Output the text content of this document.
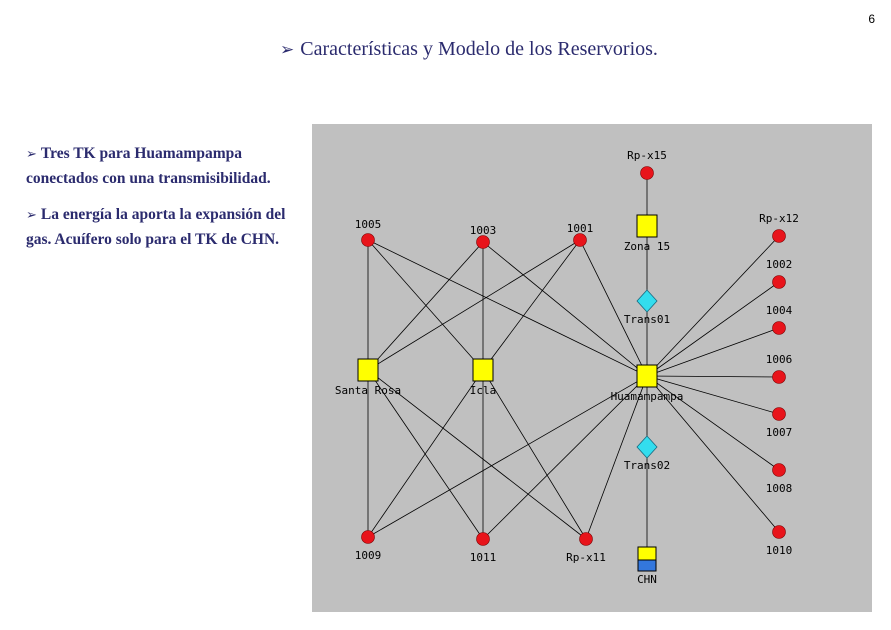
6
➢ Características y Modelo de los Reservorios.
➢ Tres TK para Huamampampa conectados con una transmisibilidad.
➢ La energía la aporta la expansión del gas. Acuífero solo para el TK de CHN.
Rp-x15
Zona 15
Trans01
Huamampampa
Trans02
CHN
1005	1003	1001
Rp-x12
1002
1004
1006
1007
1008
1010
Santa Rosa	Icla
1009	1011	Rp-x11
